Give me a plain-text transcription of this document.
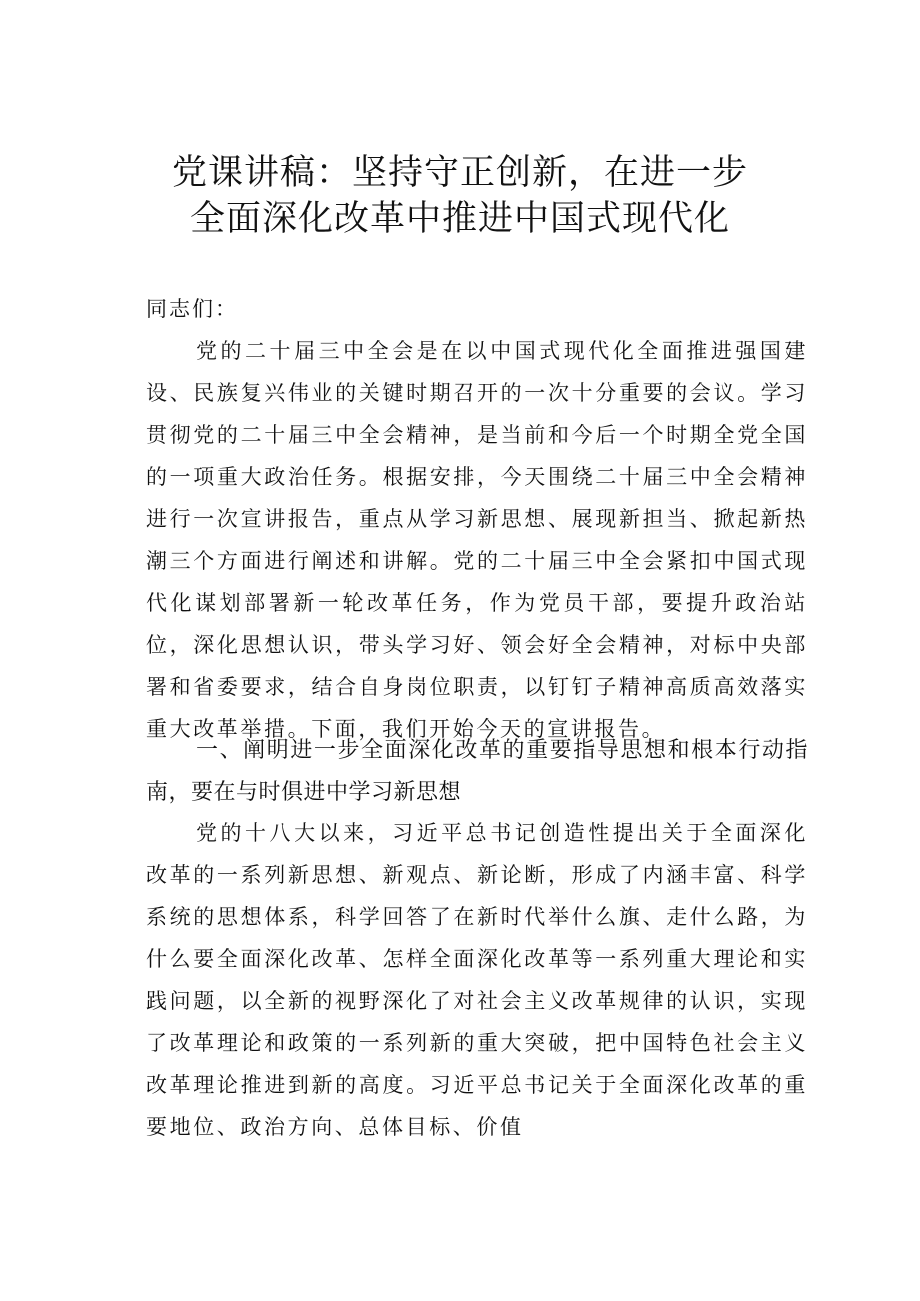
党课讲稿：坚持守正创新，在进一步
全面深化改革中推进中国式现代化
同志们：
党的二十届三中全会是在以中国式现代化全面推进强国建设、民族复兴伟业的关键时期召开的一次十分重要的会议。学习贯彻党的二十届三中全会精神，是当前和今后一个时期全党全国的一项重大政治任务。根据安排，今天围绕二十届三中全会精神进行一次宣讲报告，重点从学习新思想、展现新担当、掀起新热潮三个方面进行阐述和讲解。党的二十届三中全会紧扣中国式现代化谋划部署新一轮改革任务，作为党员干部，要提升政治站位，深化思想认识，带头学习好、领会好全会精神，对标中央部署和省委要求，结合自身岗位职责，以钉钉子精神高质高效落实重大改革举措。下面，我们开始今天的宣讲报告。
一、阐明进一步全面深化改革的重要指导思想和根本行动指南，要在与时俱进中学习新思想
党的十八大以来，习近平总书记创造性提出关于全面深化改革的一系列新思想、新观点、新论断，形成了内涵丰富、科学系统的思想体系，科学回答了在新时代举什么旗、走什么路，为什么要全面深化改革、怎样全面深化改革等一系列重大理论和实践问题，以全新的视野深化了对社会主义改革规律的认识，实现了改革理论和政策的一系列新的重大突破，把中国特色社会主义改革理论推进到新的高度。习近平总书记关于全面深化改革的重要地位、政治方向、总体目标、价值
